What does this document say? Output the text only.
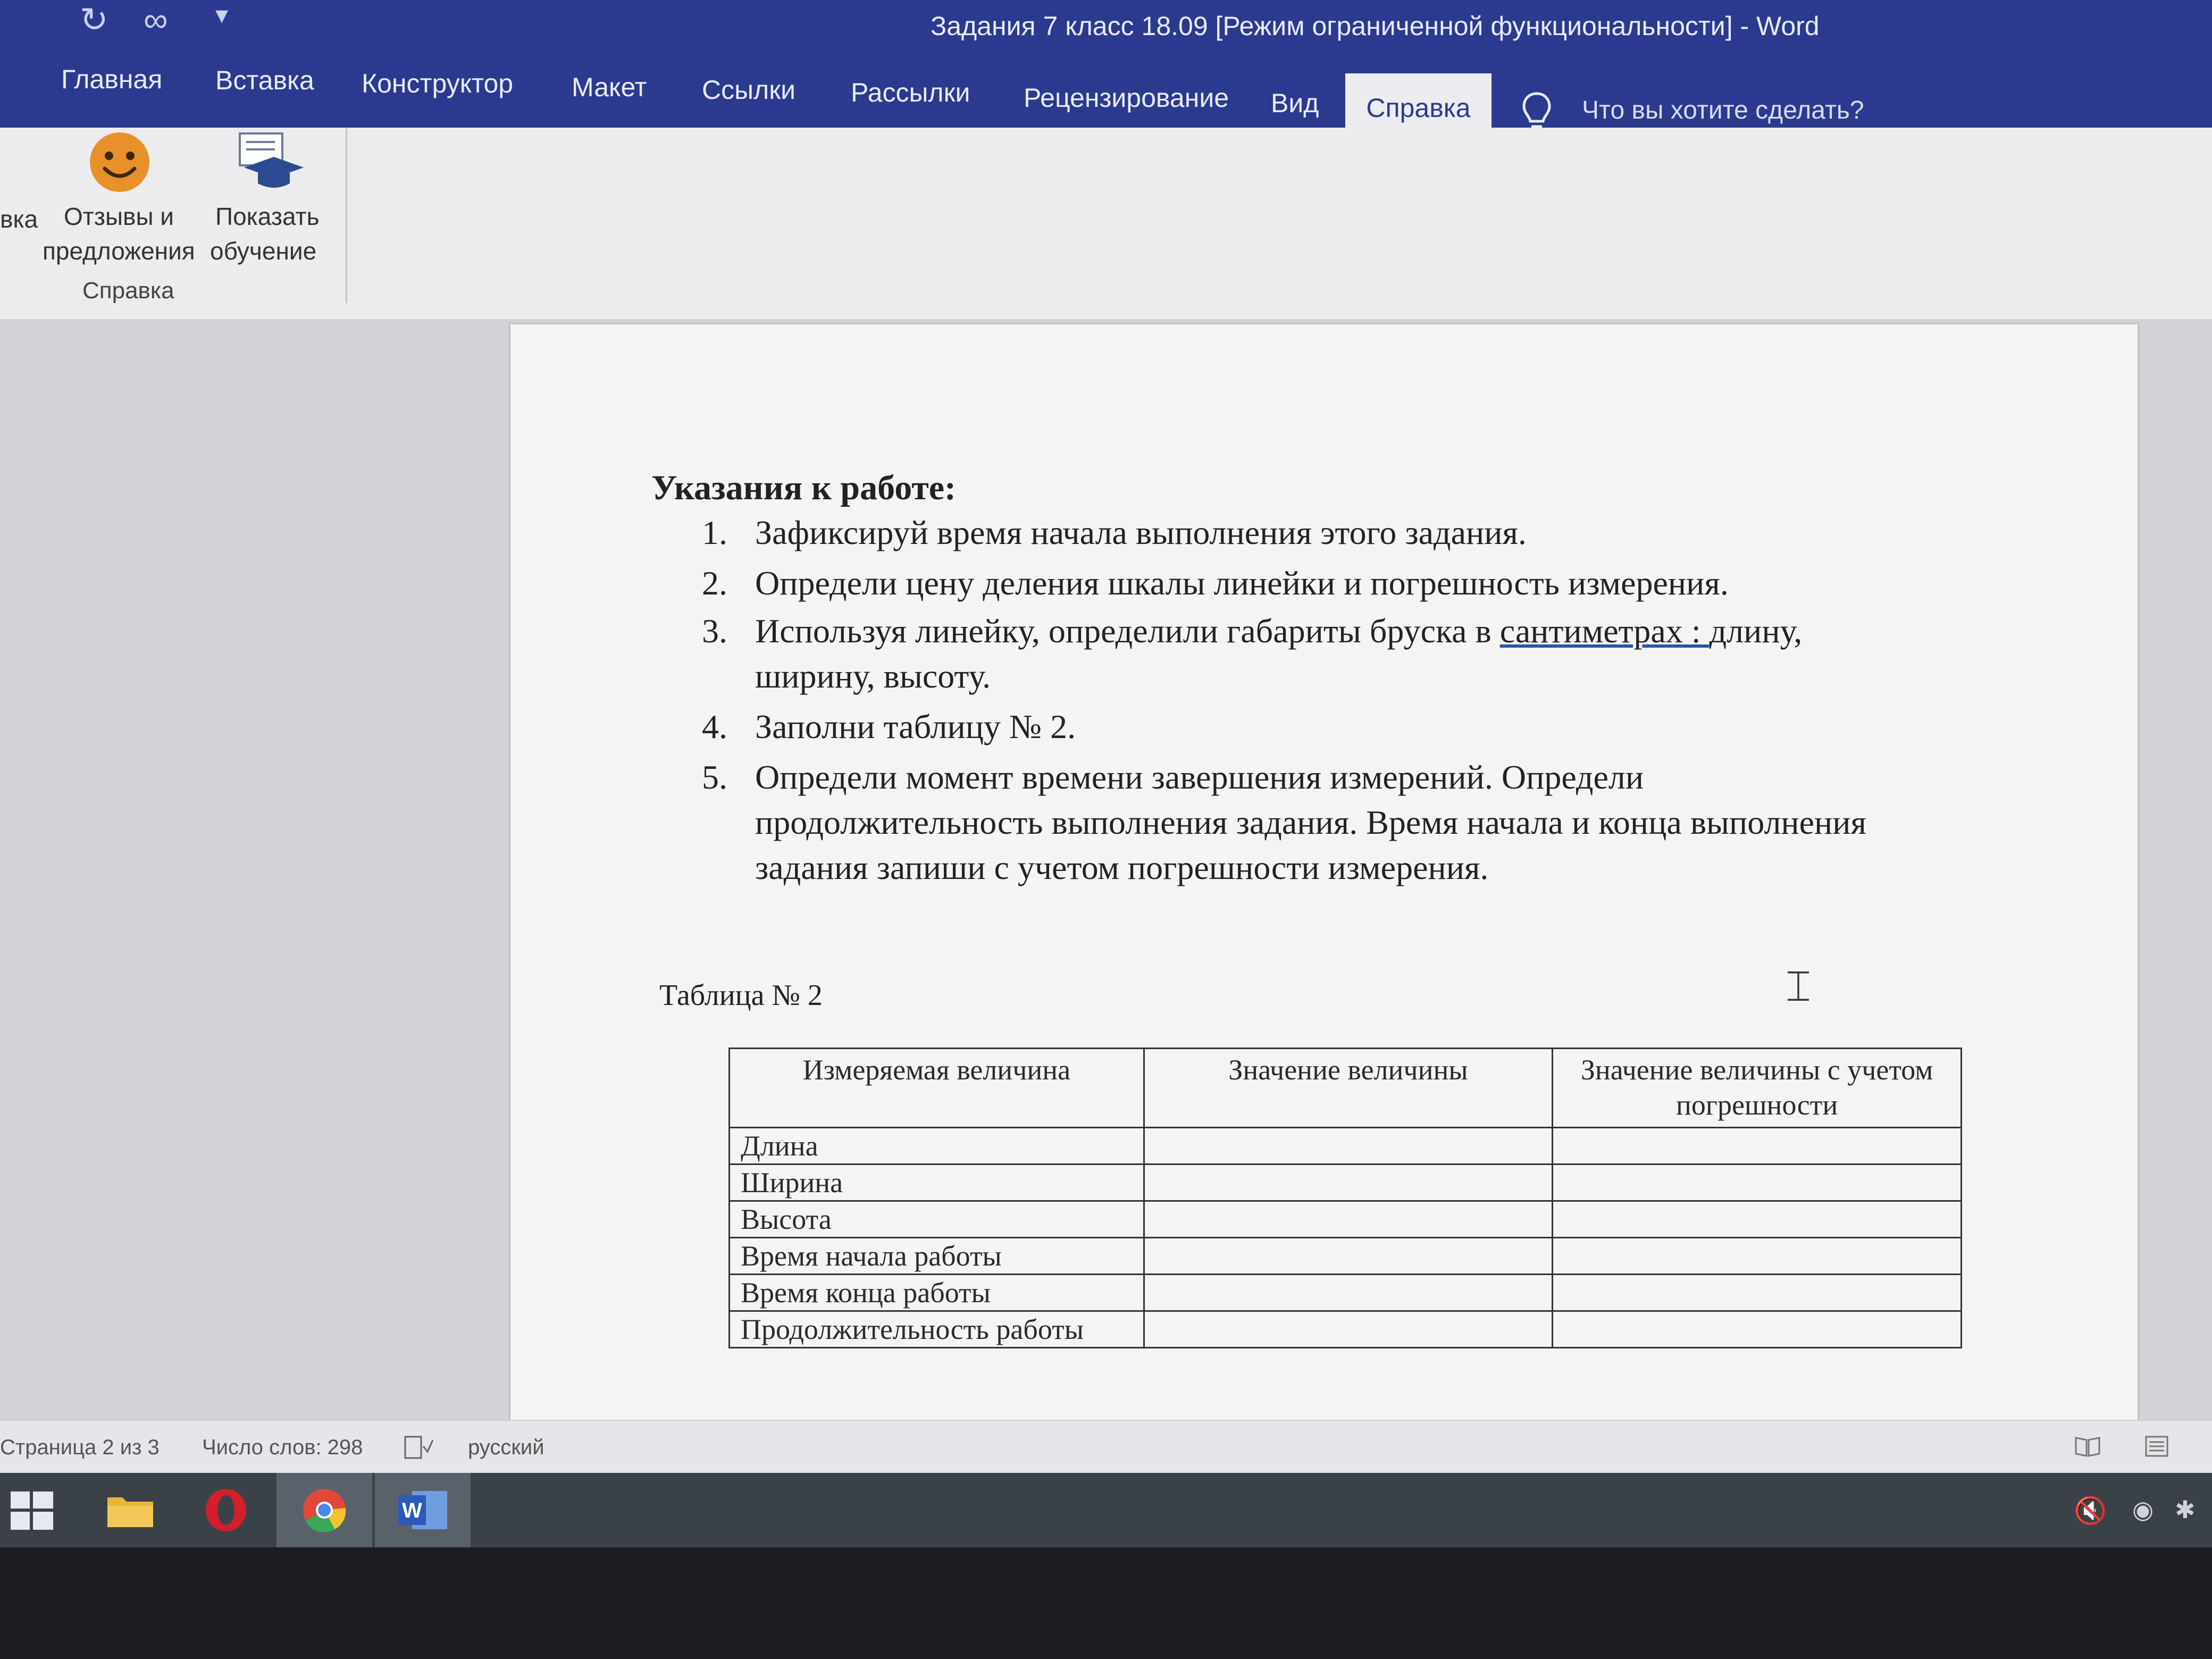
↻ ∞ ▾	Задания 7 класс 18.09 [Режим ограниченной функциональности] - Word
Главная Вставка Конструктор Макет Ссылки Рассылки Рецензирование Вид	Справка	Что вы хотите сделать?
вка Отзывы и
предложения
Показать
обучение
Справка
Указания к работе:
1. Зафиксируй время начала выполнения этого задания.
2. Определи цену деления шкалы линейки и погрешность измерения.
3. Используя линейку, определили габариты бруска в сантиметрах : длину,
ширину, высоту.
4. Заполни таблицу № 2.
5. Определи момент времени завершения измерений. Определи
продолжительность выполнения задания. Время начала и конца выполнения
задания запиши с учетом погрешности измерения.
⌶
Таблица № 2
Измеряемая величина	Значение величины	Значение величины с учетом погрешности
Длина		
Ширина		
Высота		
Время начала работы		
Время конца работы		
Продолжительность работы		
Страница 2 из 3 Число слов: 298	русский
W	🔇 ◉ ✱
